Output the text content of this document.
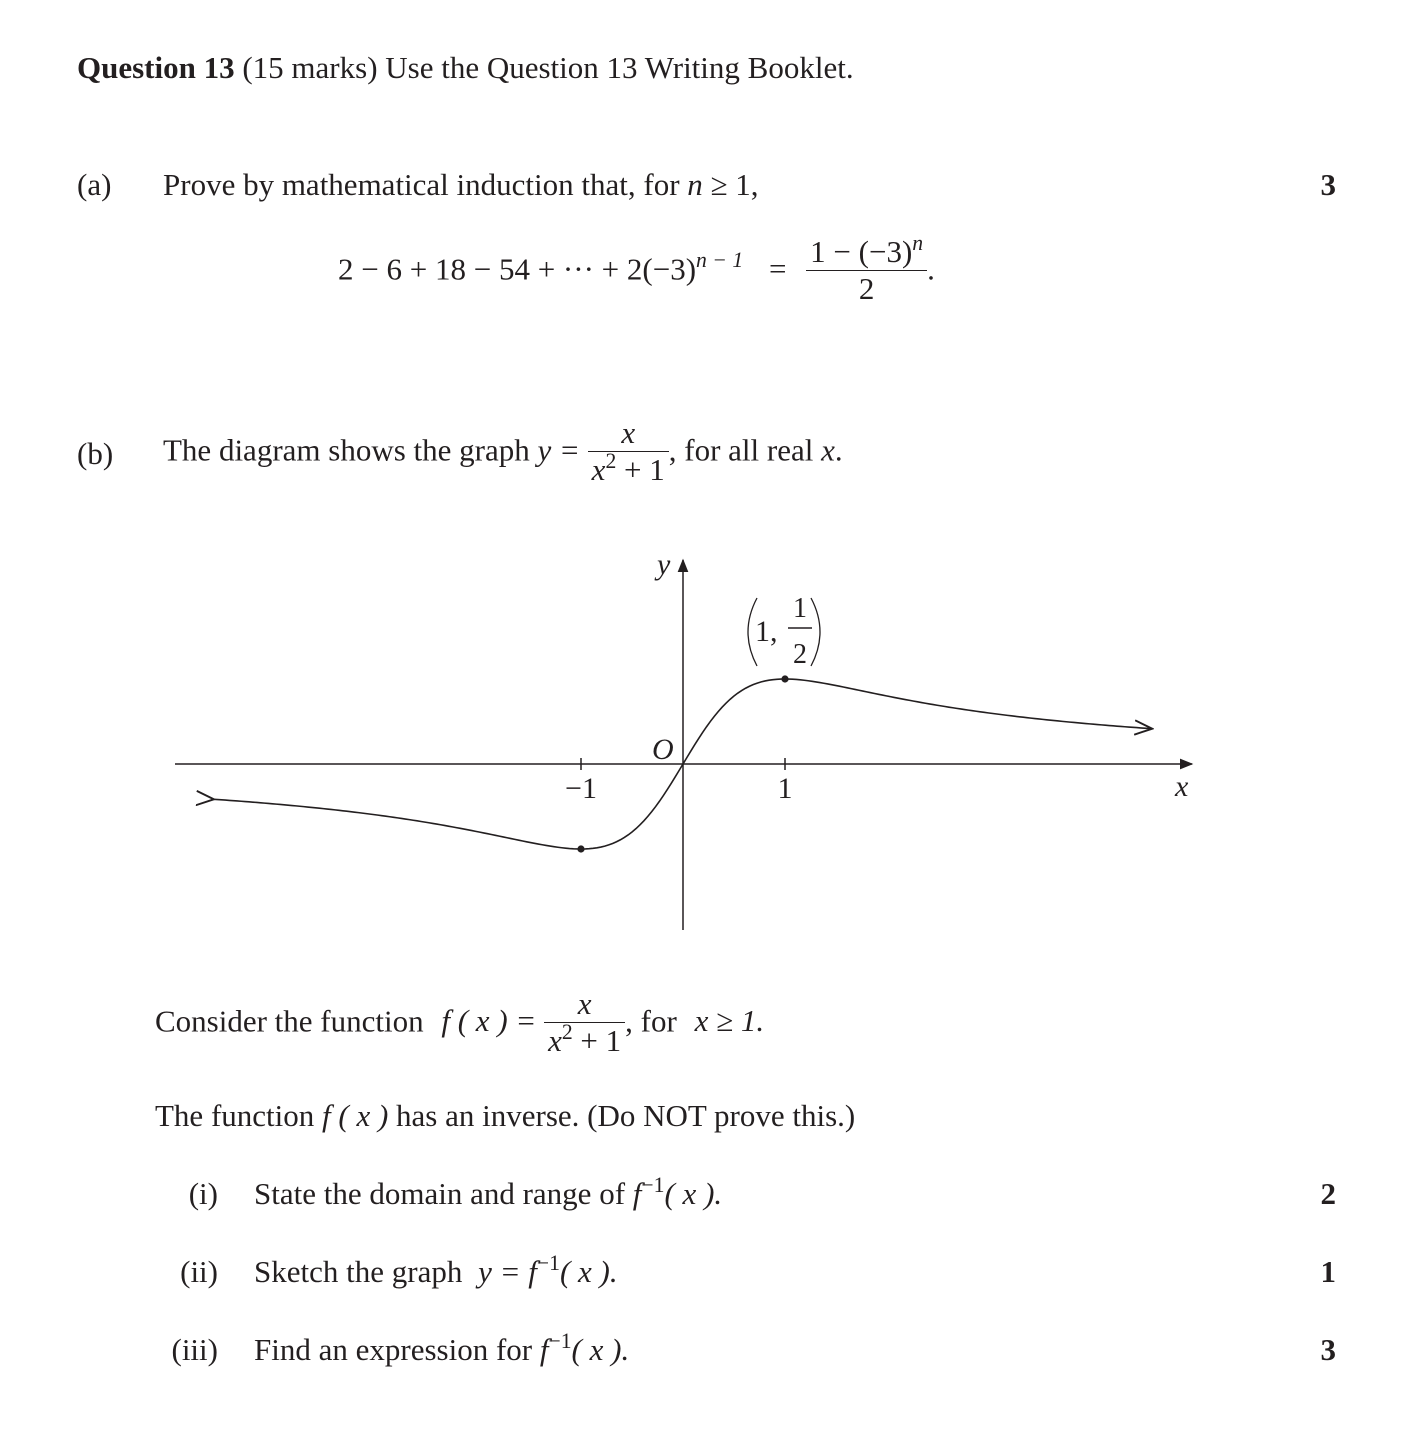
Question 13 (15 marks) Use the Question 13 Writing Booklet.
(a) Prove by mathematical induction that, for n ≥ 1,	3
2 − 6 + 18 − 54 + ··· + $2(-3)^{n - 1} = \frac{1 - (-3)^n}{2}$ .
(b) The diagram shows the graph $y = \frac{x}{x^2 + 1}$ , for all real x.
−1	1
O
x
y
1,
1
2
Consider the function f ( x ) = $\frac{x}{x^2 + 1}$ , for x ≥ 1.
The function f ( x ) has an inverse. (Do NOT prove this.)
(i) State the domain and range of $f^{-1}$( x ).	2
(ii) Sketch the graph $y = f^{-1}$( x ).	1
(iii) Find an expression for $f^{-1}$( x ).	3
